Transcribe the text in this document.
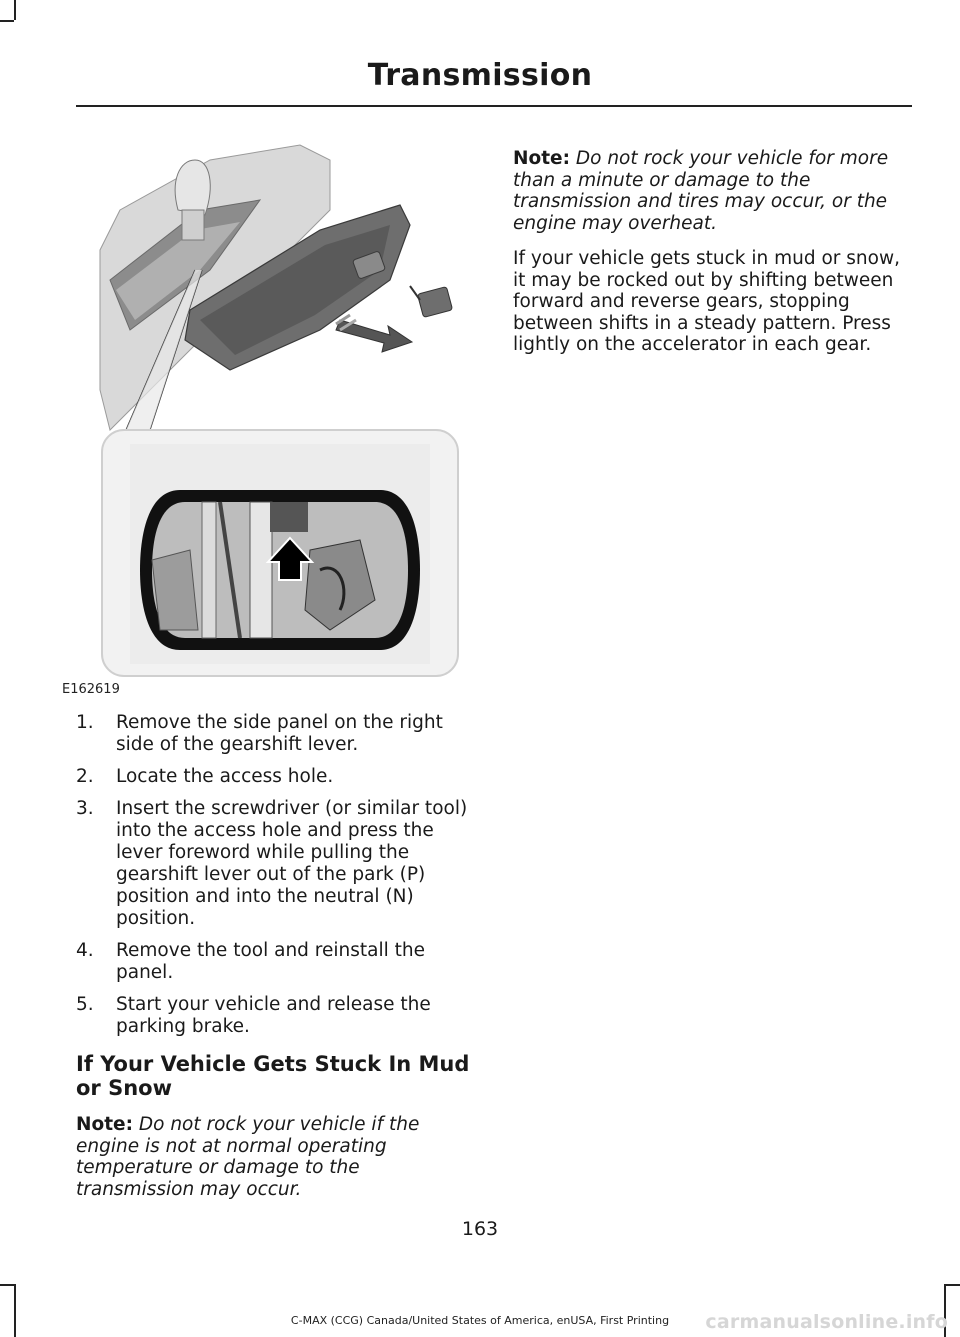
Transmission
E162619
1. Remove the side panel on the right side of the gearshift lever.
2. Locate the access hole.
3. Insert the screwdriver (or similar tool) into the access hole and press the lever foreword while pulling the gearshift lever out of the park (P) position and into the neutral (N) position.
4. Remove the tool and reinstall the panel.
5. Start your vehicle and release the parking brake.
If Your Vehicle Gets Stuck In Mud or Snow

Note: Do not rock your vehicle if the engine is not at normal operating temperature or damage to the transmission may occur.

Note: Do not rock your vehicle for more than a minute or damage to the transmission and tires may occur, or the engine may overheat.

If your vehicle gets stuck in mud or snow, it may be rocked out by shifting between forward and reverse gears, stopping between shifts in a steady pattern. Press lightly on the accelerator in each gear.

163
C-MAX (CCG) Canada/United States of America, enUSA, First Printing	carmanualsonline.info
